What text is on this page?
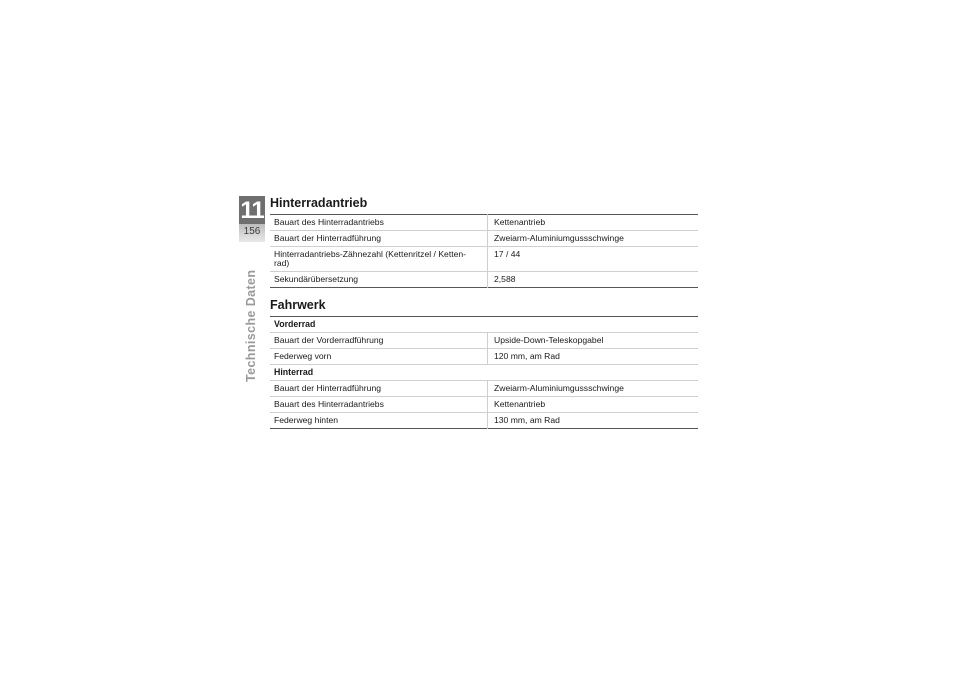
11
156
Technische Daten
Hinterradantrieb
Bauart des Hinterradantriebs	Kettenantrieb
Bauart der Hinterradführung	Zweiarm-Aluminiumgussschwinge
Hinterradantriebs-Zähnezahl (Kettenritzel / Ketten-rad)	17 / 44
Sekundärübersetzung	2,588
Fahrwerk
Vorderrad	
Bauart der Vorderradführung	Upside-Down-Teleskopgabel
Federweg vorn	120 mm, am Rad
Hinterrad	
Bauart der Hinterradführung	Zweiarm-Aluminiumgussschwinge
Bauart des Hinterradantriebs	Kettenantrieb
Federweg hinten	130 mm, am Rad
